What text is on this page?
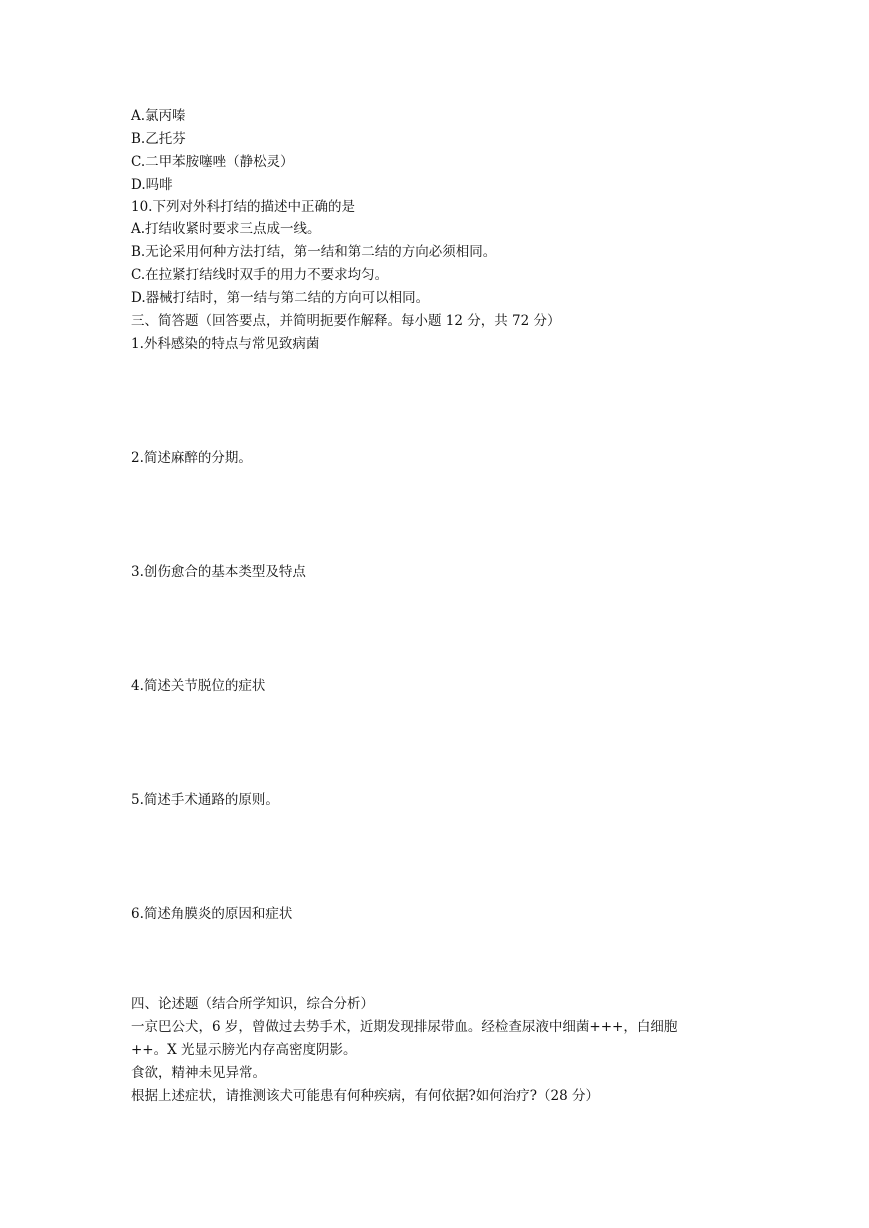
A.氯丙嗪

B.乙托芬

C.二甲苯胺噻唑（静松灵）

D.吗啡

10.下列对外科打结的描述中正确的是

A.打结收紧时要求三点成一线。

B.无论采用何种方法打结，第一结和第二结的方向必须相同。

C.在拉紧打结线时双手的用力不要求均匀。

D.器械打结时，第一结与第二结的方向可以相同。

三、简答题（回答要点，并简明扼要作解释。每小题 12 分，共 72 分）

1.外科感染的特点与常见致病菌

2.简述麻醉的分期。

3.创伤愈合的基本类型及特点

4.简述关节脱位的症状

5.简述手术通路的原则。

6.简述角膜炎的原因和症状

四、论述题（结合所学知识，综合分析）

一京巴公犬，6 岁，曾做过去势手术，近期发现排尿带血。经检查尿液中细菌+++，白细胞

++。X 光显示膀光内存高密度阴影。

食欲，精神未见异常。

根据上述症状，请推测该犬可能患有何种疾病，有何依据?如何治疗?（28 分）
